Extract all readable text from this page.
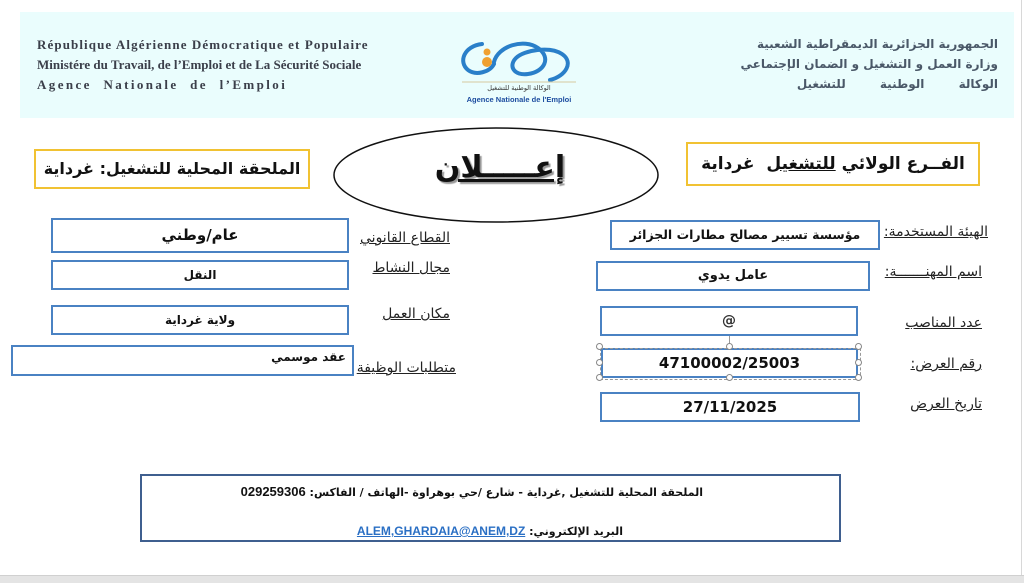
République Algérienne Démocratique et Populaire
Ministére du Travail, de l’Emploi et de La Sécurité Sociale
Agence Nationale de l’Emploi
الجمهورية الجزائرية الديمقراطية الشعبية
وزارة العمل و التشغيل و الضمان الإجتماعي
الوكالة الوطنية للتشغيل
الوكالة الوطنية للتشغيل
Agence Nationale de l'Emploi
الملحقة المحلية للتشغيل: غرداية	إعـــــلان	الفــرع الولائي للتشغيل  غرداية
الهيئة المستخدمة:
مؤسسة تسيير مصالح مطارات الجزائر
اسم المهنـــــــة:
عامل يدوي
عدد المناصب
@
رقم العرض:
47100002/25003
تاريخ العرض
27/11/2025
القطاع القانوني
عام/وطني
مجال النشاط
النقل
مكان العمل
ولاية غرداية
متطلبات الوظيفة
عقد موسمي
الملحقة المحلية للتشغيل ,غرداية - شارع /حي بوهراوة -الهاتف / الفاكس: 029259306
البريد الإلكتروني: ALEM,GHARDAIA@ANEM,DZ
